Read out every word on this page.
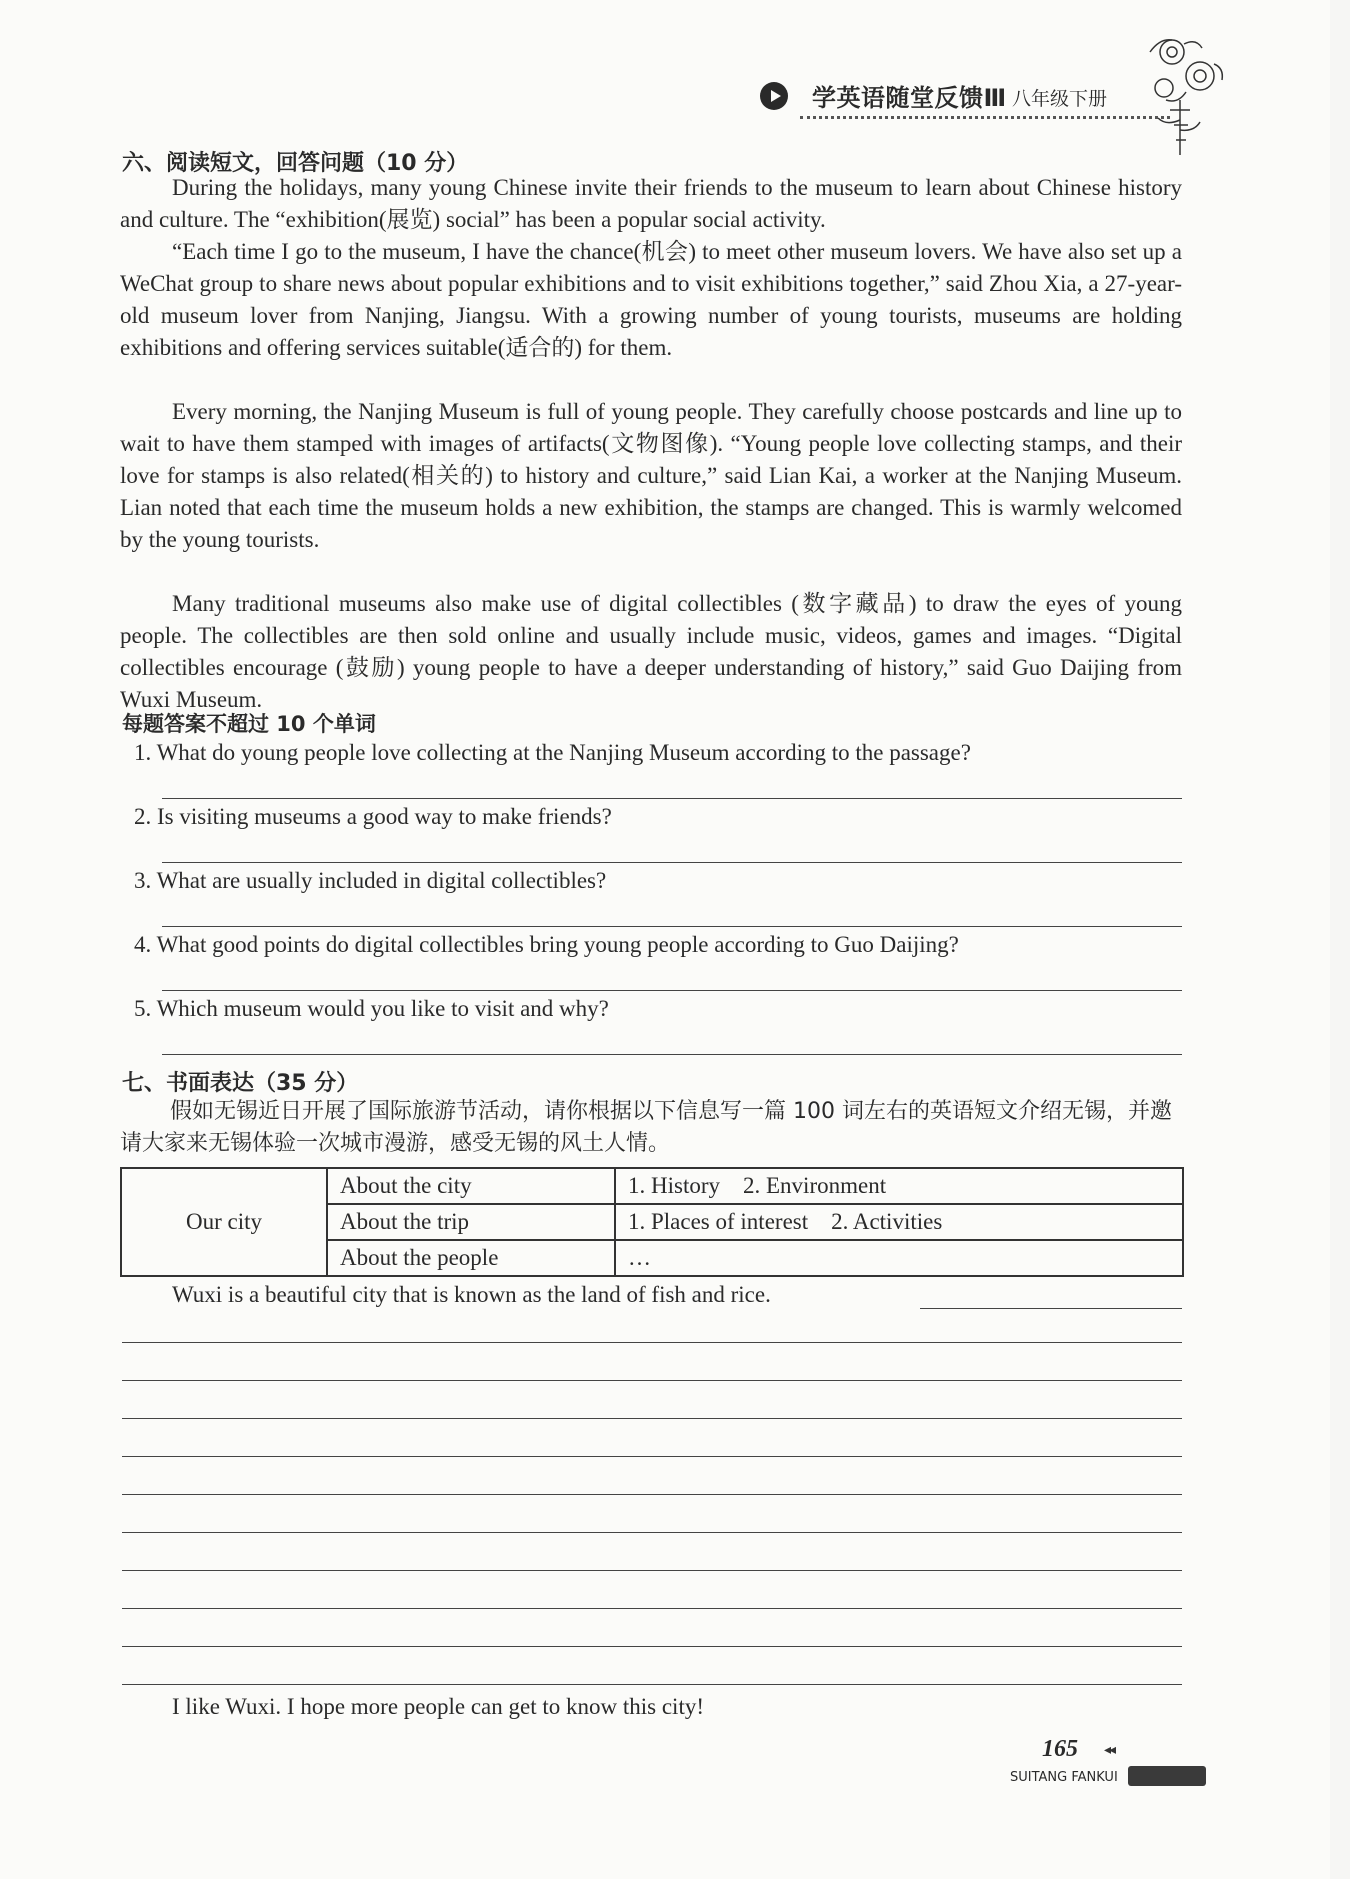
学英语随堂反馈Ⅲ 八年级下册
六、阅读短文，回答问题（10 分）

During the holidays, many young Chinese invite their friends to the museum to learn about Chinese history and culture. The “exhibition(展览) social” has been a popular social activity.

“Each time I go to the museum, I have the chance(机会) to meet other museum lovers. We have also set up a WeChat group to share news about popular exhibitions and to visit exhibitions together,” said Zhou Xia, a 27-year-old museum lover from Nanjing, Jiangsu. With a growing number of young tourists, museums are holding exhibitions and offering services suitable(适合的) for them.

Every morning, the Nanjing Museum is full of young people. They carefully choose postcards and line up to wait to have them stamped with images of artifacts(文物图像). “Young people love collecting stamps, and their love for stamps is also related(相关的) to history and culture,” said Lian Kai, a worker at the Nanjing Museum. Lian noted that each time the museum holds a new exhibition, the stamps are changed. This is warmly welcomed by the young tourists.

Many traditional museums also make use of digital collectibles (数字藏品) to draw the eyes of young people. The collectibles are then sold online and usually include music, videos, games and images. “Digital collectibles encourage (鼓励) young people to have a deeper understanding of history,” said Guo Daijing from Wuxi Museum.

每题答案不超过 10 个单词
1. What do young people love collecting at the Nanjing Museum according to the passage?
2. Is visiting museums a good way to make friends?
3. What are usually included in digital collectibles?
4. What good points do digital collectibles bring young people according to Guo Daijing?
5. Which museum would you like to visit and why?
七、书面表达（35 分）

假如无锡近日开展了国际旅游节活动，请你根据以下信息写一篇 100 词左右的英语短文介绍无锡，并邀请大家来无锡体验一次城市漫游，感受无锡的风土人情。

Our city	About the city	1. History    2. Environment
	About the trip	1. Places of interest    2. Activities
	About the people	…
Wuxi is a beautiful city that is known as the land of fish and rice.
I like Wuxi. I hope more people can get to know this city!
165 ◂◂
SUITANG FANKUI
